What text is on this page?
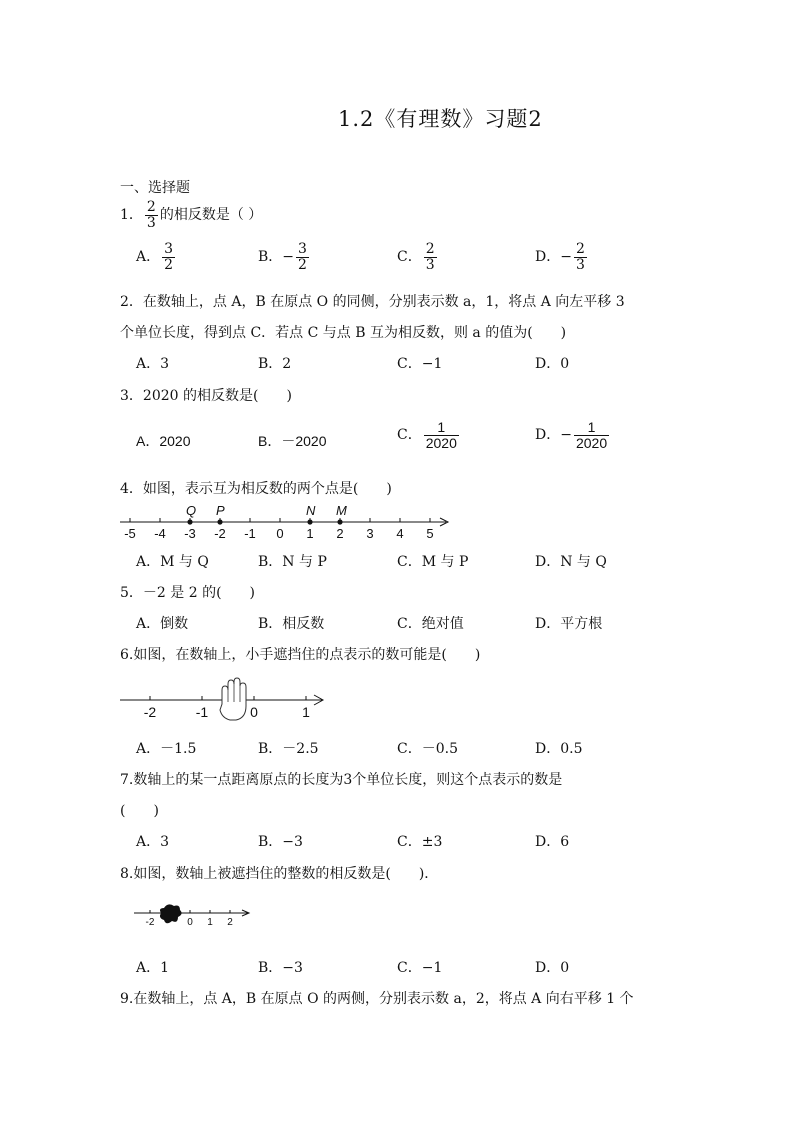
1.2《有理数》习题2
一、选择题
1． $\frac{2}{3}$ 的相反数是（ ）
A． $\frac{3}{2}$	B．− $\frac{3}{2}$	C． $\frac{2}{3}$	D．− $\frac{2}{3}$
2．在数轴上，点 A，B 在原点 O 的同侧，分别表示数 a，1，将点 A 向左平移 3
个单位长度，得到点 C．若点 C 与点 B 互为相反数，则 a 的值为(　　)
A．3	B．2	C．−1	D．0
3．2020 的相反数是(　　)
A．2020	B．－2020	C． $\frac{1}{2020}$	D．− $\frac{1}{2020}$
4．如图，表示互为相反数的两个点是(　　)
-5 -4 -3 -2 -1 0 1 2 3 4 5
Q P	N M
A．M 与 Q	B．N 与 P	C．M 与 P	D．N 与 Q
5．－2 是 2 的(　　)
A．倒数	B．相反数	C．绝对值	D．平方根
6.如图，在数轴上，小手遮挡住的点表示的数可能是(　　)
-2	-1	0	1
A．－1.5	B．－2.5	C．－0.5	D．0.5
7.数轴上的某一点距离原点的长度为3个单位长度，则这个点表示的数是
(　　)
A．3	B．−3	C．±3	D．6
8.如图，数轴上被遮挡住的整数的相反数是(　　)．
-2	0 1 2
A．1	B．−3	C．−1	D．0
9.在数轴上，点 A，B 在原点 O 的两侧，分别表示数 a，2，将点 A 向右平移 1 个
